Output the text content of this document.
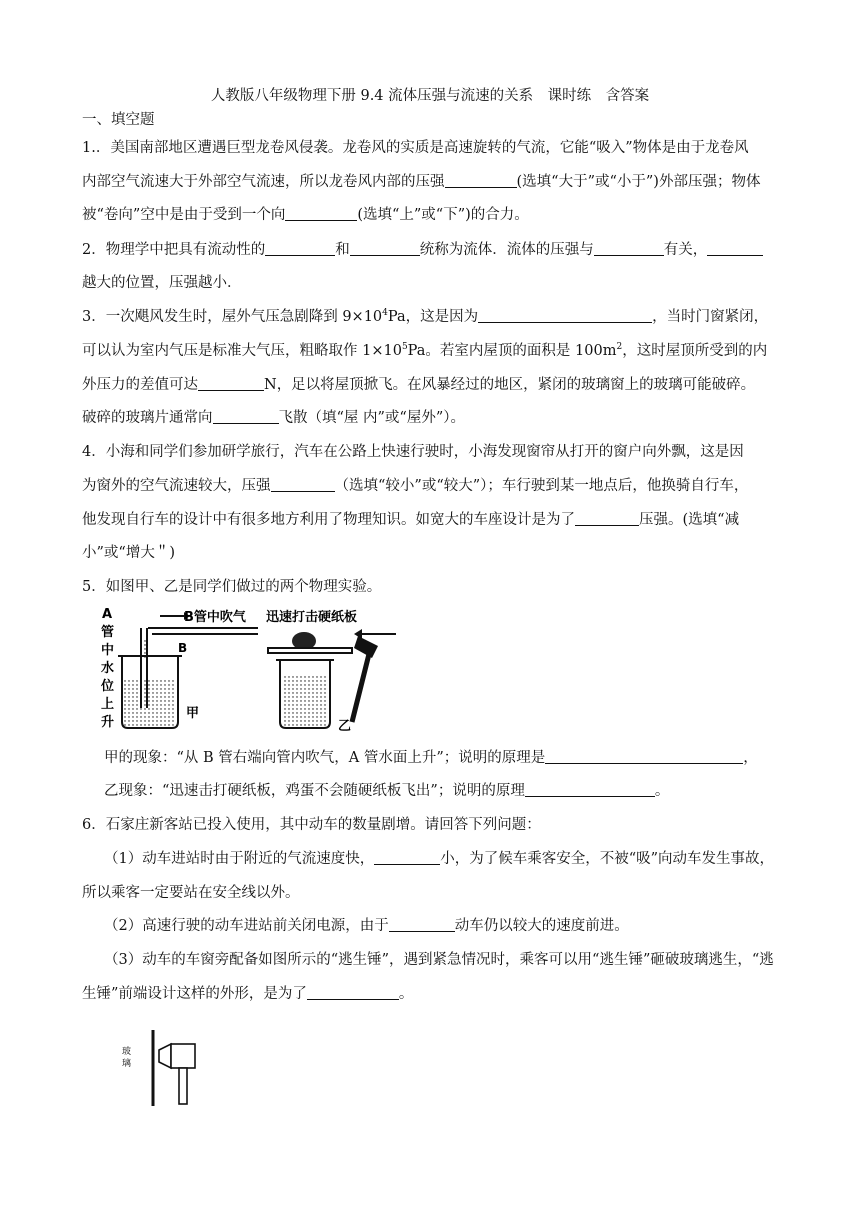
人教版八年级物理下册 9.4 流体压强与流速的关系　课时练　含答案
一、填空题
1.．美国南部地区遭遇巨型龙卷风侵袭。龙卷风的实质是高速旋转的气流，它能“吸入”物体是由于龙卷风
内部空气流速大于外部空气流速，所以龙卷风内部的压强	(选填“大于”或“小于”)外部压强；物体
被“卷向”空中是由于受到一个向	(选填“上”或“下”)的合力。
2．物理学中把具有流动性的	和	统称为流体．流体的压强与	有关，
越大的位置，压强越小．
3．一次飓风发生时，屋外气压急剧降到 $9\times 10^4Pa$，这是因为	，当时门窗紧闭，
可以认为室内气压是标准大气压，粗略取作 $1\times 10^5Pa$。若室内屋顶的面积是 $100m^2$，这时屋顶所受到的内
外压力的差值可达	N，足以将屋顶掀飞。在风暴经过的地区，紧闭的玻璃窗上的玻璃可能破碎。
破碎的玻璃片通常向	飞散（填“屋 内”或“屋外”）。
4．小海和同学们参加研学旅行，汽车在公路上快速行驶时，小海发现窗帘从打开的窗户向外飘，这是因
为窗外的空气流速较大，压强	（选填“较小”或“较大”）；车行驶到某一地点后，他换骑自行车，
他发现自行车的设计中有很多地方利用了物理知识。如宽大的车座设计是为了	压强。(选填“减
小”或“增大＂)
5．如图甲、乙是同学们做过的两个物理实验。
A
管
中
水
位
上
升
B管中吹气
B
甲
迅速打击硬纸板
乙
甲的现象：“从 B 管右端向管内吹气，A 管水面上升”；说明的原理是	，
乙现象：“迅速击打硬纸板，鸡蛋不会随硬纸板飞出”；说明的原理	。
6．石家庄新客站已投入使用，其中动车的数量剧增。请回答下列问题：
（1）动车进站时由于附近的气流速度快，	小，为了候车乘客安全，不被“吸”向动车发生事故，
所以乘客一定要站在安全线以外。
（2）高速行驶的动车进站前关闭电源，由于	动车仍以较大的速度前进。
（3）动车的车窗旁配备如图所示的“逃生锤”，遇到紧急情况时，乘客可以用“逃生锤”砸破玻璃逃生，“逃
生锤”前端设计这样的外形，是为了	。
玻
璃
